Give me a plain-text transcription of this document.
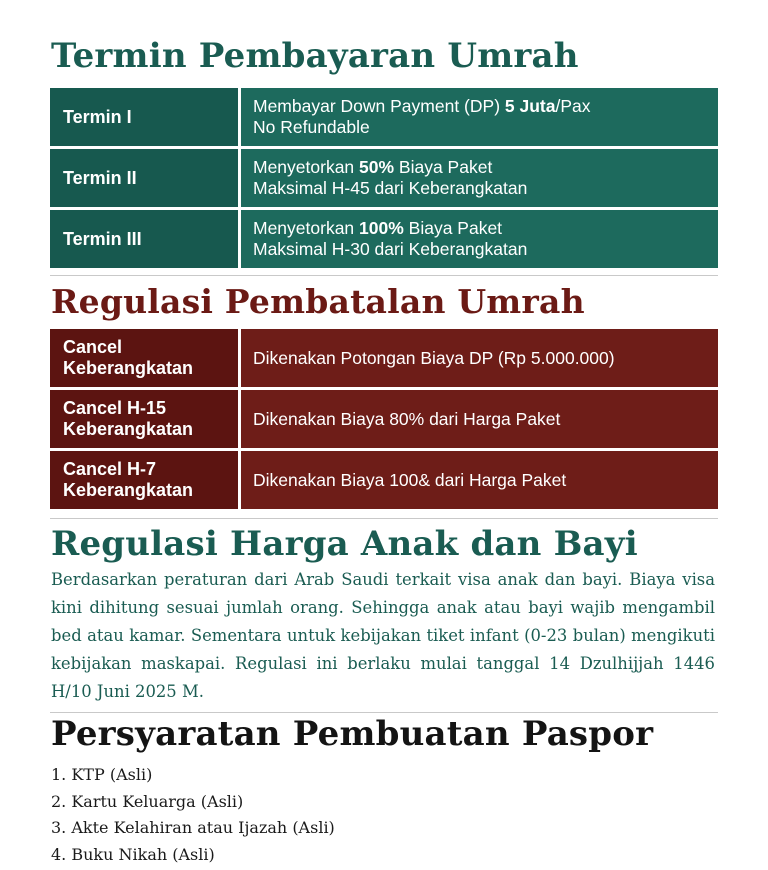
Termin Pembayaran Umrah
Termin I	Membayar Down Payment (DP) 5 Juta/Pax
No Refundable
Termin II	Menyetorkan 50% Biaya Paket
Maksimal H-45 dari Keberangkatan
Termin III	Menyetorkan 100% Biaya Paket
Maksimal H-30 dari Keberangkatan
Regulasi Pembatalan Umrah
Cancel
Keberangkatan	Dikenakan Potongan Biaya DP (Rp 5.000.000)
Cancel H-15
Keberangkatan	Dikenakan Biaya 80% dari Harga Paket
Cancel H-7
Keberangkatan	Dikenakan Biaya 100& dari Harga Paket
Regulasi Harga Anak dan Bayi

Berdasarkan peraturan dari Arab Saudi terkait visa anak dan bayi. Biaya visa kini dihitung sesuai jumlah orang. Sehingga anak atau bayi wajib mengambil bed atau kamar. Sementara untuk kebijakan tiket infant (0-23 bulan) mengikuti kebijakan maskapai. Regulasi ini berlaku mulai tanggal 14 Dzulhijjah 1446 H/10 Juni 2025 M.

Persyaratan Pembuatan Paspor
1. KTP (Asli)
2. Kartu Keluarga (Asli)
3. Akte Kelahiran atau Ijazah (Asli)
4. Buku Nikah (Asli)
